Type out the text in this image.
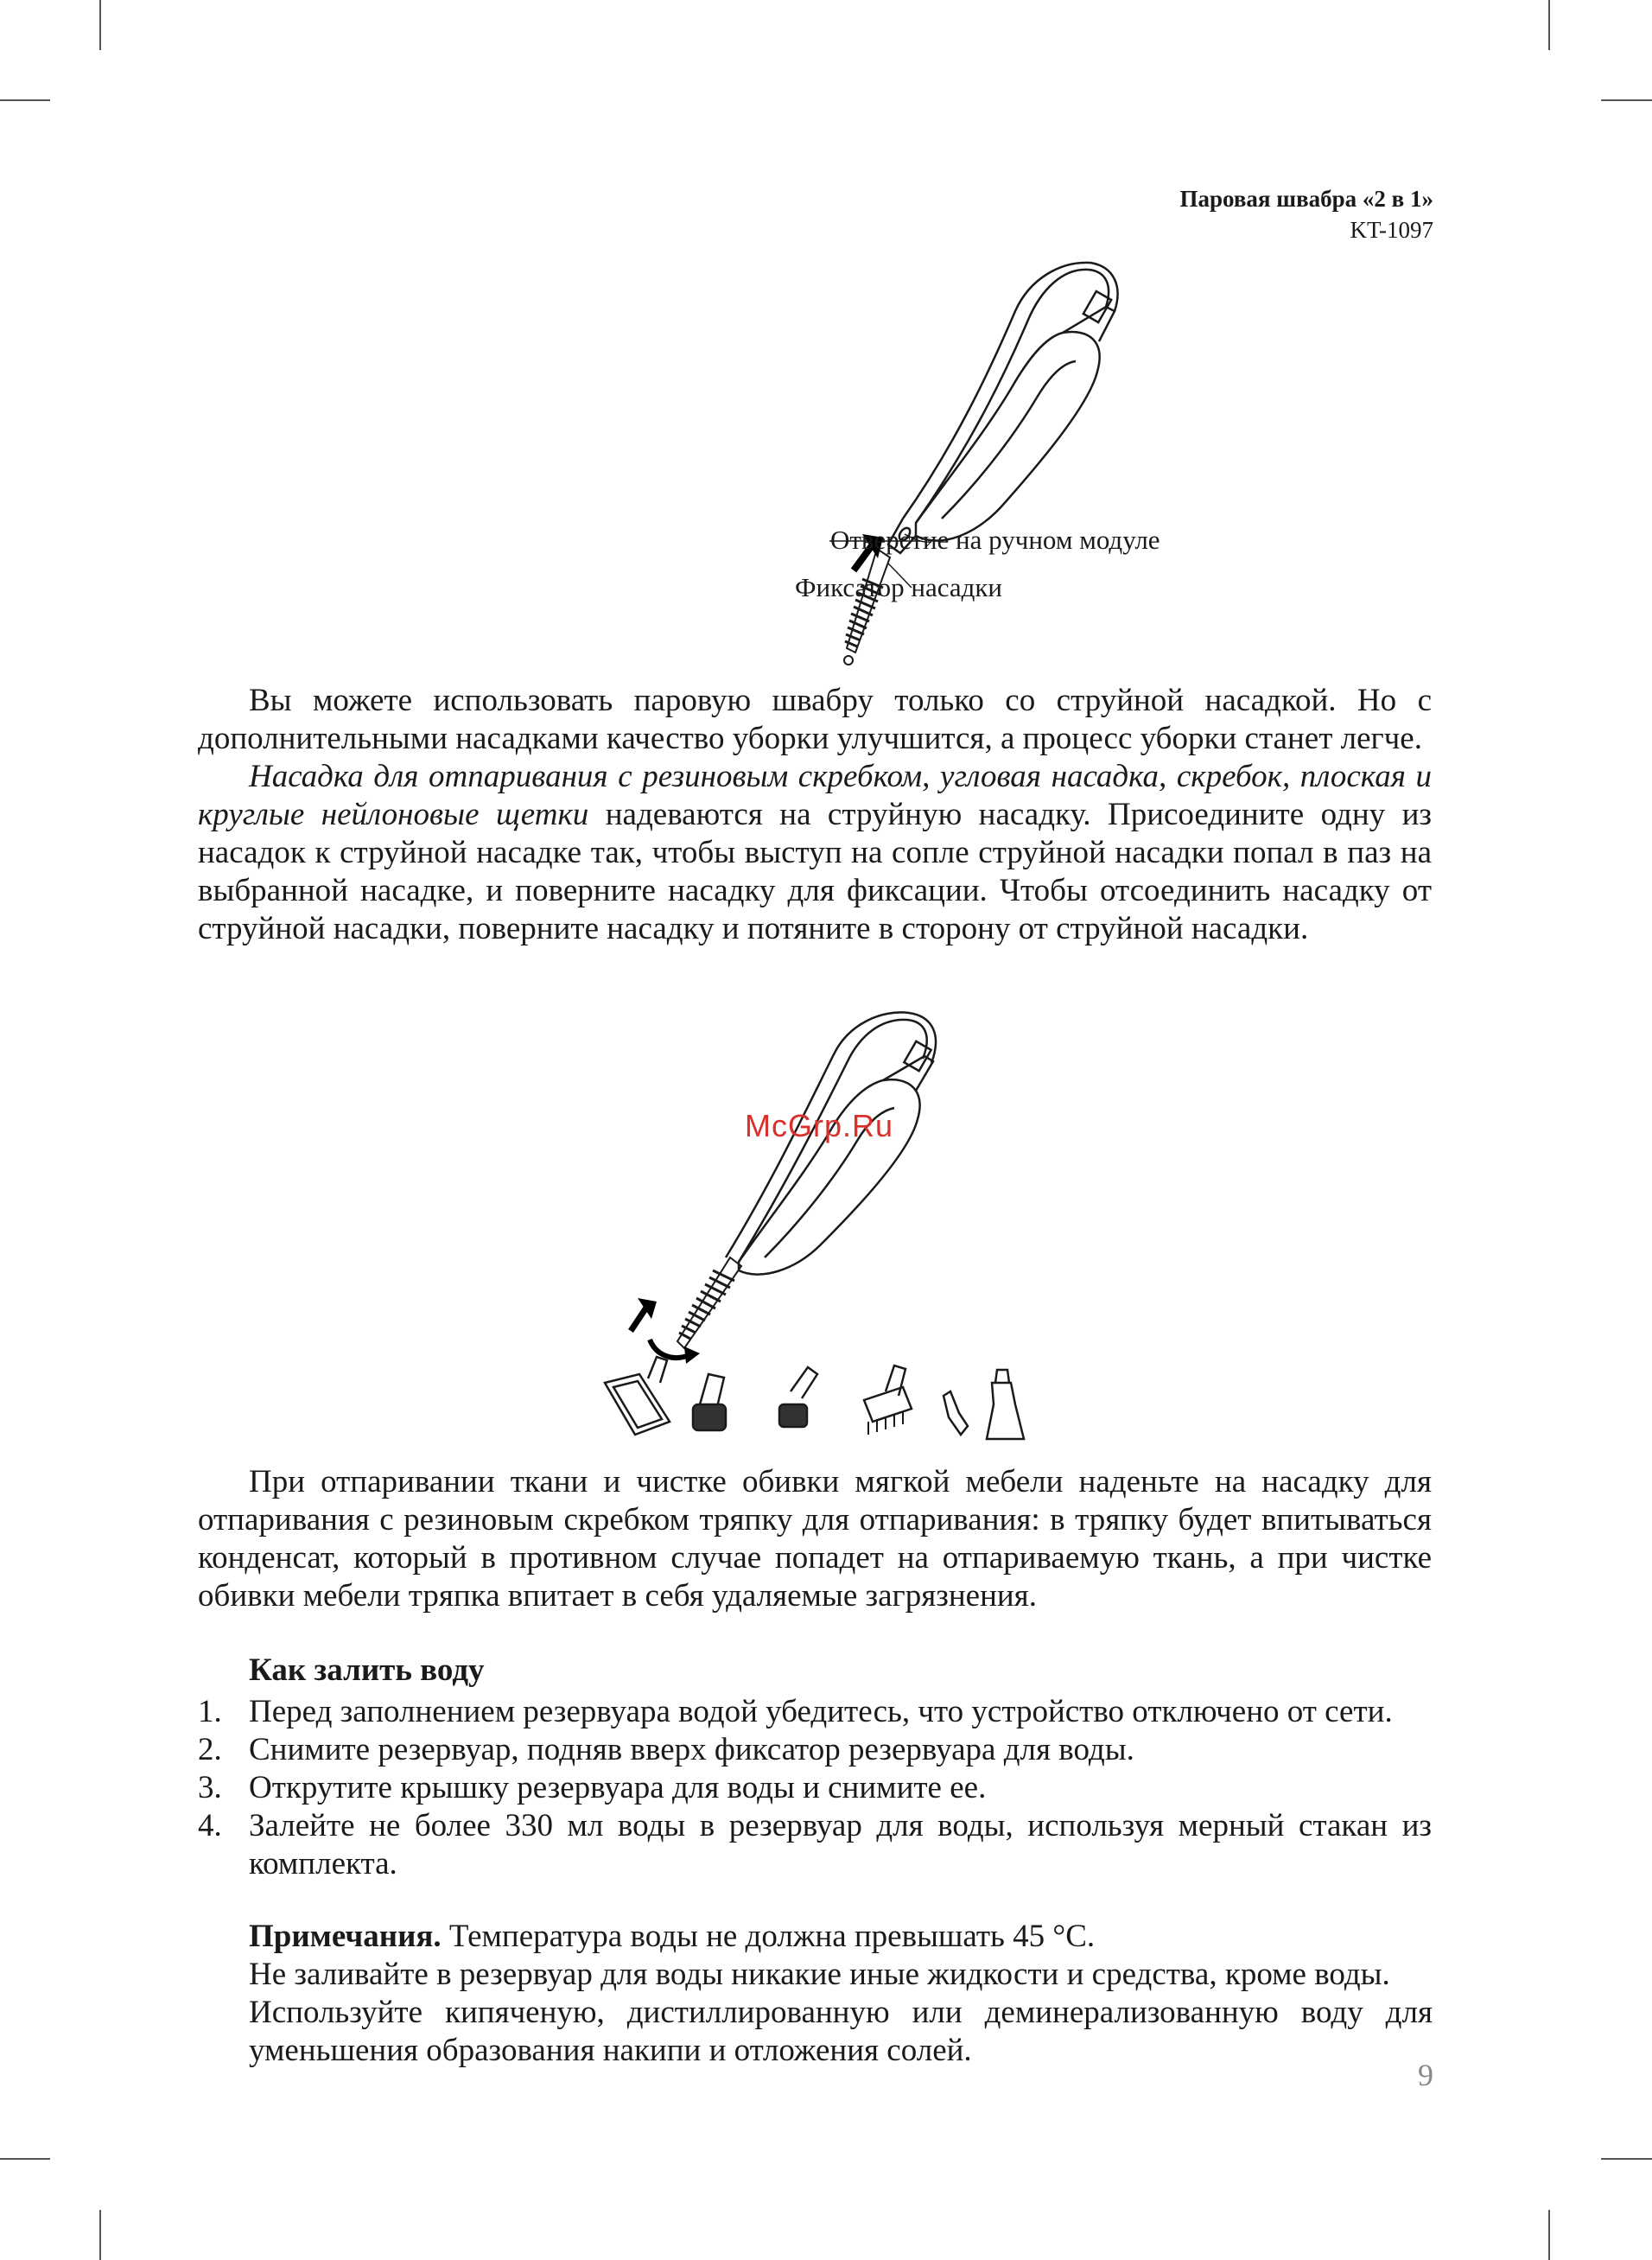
Паровая швабра «2 в 1»
KT-1097
Отверстие на ручном модуле
Фиксатор насадки

Вы можете использовать паровую швабру только со струйной насадкой. Но с дополнительными насадками качество уборки улучшится, а процесс уборки станет легче.

Насадка для отпаривания с резиновым скребком, угловая насадка, скребок, плоская и круглые нейлоновые щетки надеваются на струйную насадку. Присоедините одну из насадок к струйной насадке так, чтобы выступ на сопле струйной насадки попал в паз на выбранной насадке, и поверните насадку для фиксации. Чтобы отсоединить насадку от струйной насадки, поверните насадку и потяните в сторону от струйной насадки.

McGrp.Ru

При отпаривании ткани и чистке обивки мягкой мебели наденьте на насадку для отпаривания с резиновым скребком тряпку для отпаривания: в тряпку будет впитываться конденсат, который в противном случае попадет на отпариваемую ткань, а при чистке обивки мебели тряпка впитает в себя удаляемые загрязнения.

Как залить воду
1. Перед заполнением резервуара водой убедитесь, что устройство отключено от сети.
2. Снимите резервуар, подняв вверх фиксатор резервуара для воды.
3. Открутите крышку резервуара для воды и снимите ее.
4. Залейте не более 330 мл воды в резервуар для воды, используя мерный стакан из комплекта.

Примечания. Температура воды не должна превышать 45 °С.

Не заливайте в резервуар для воды никакие иные жидкости и средства, кроме воды.

Используйте кипяченую, дистиллированную или деминерализованную воду для уменьшения образования накипи и отложения солей.

9
